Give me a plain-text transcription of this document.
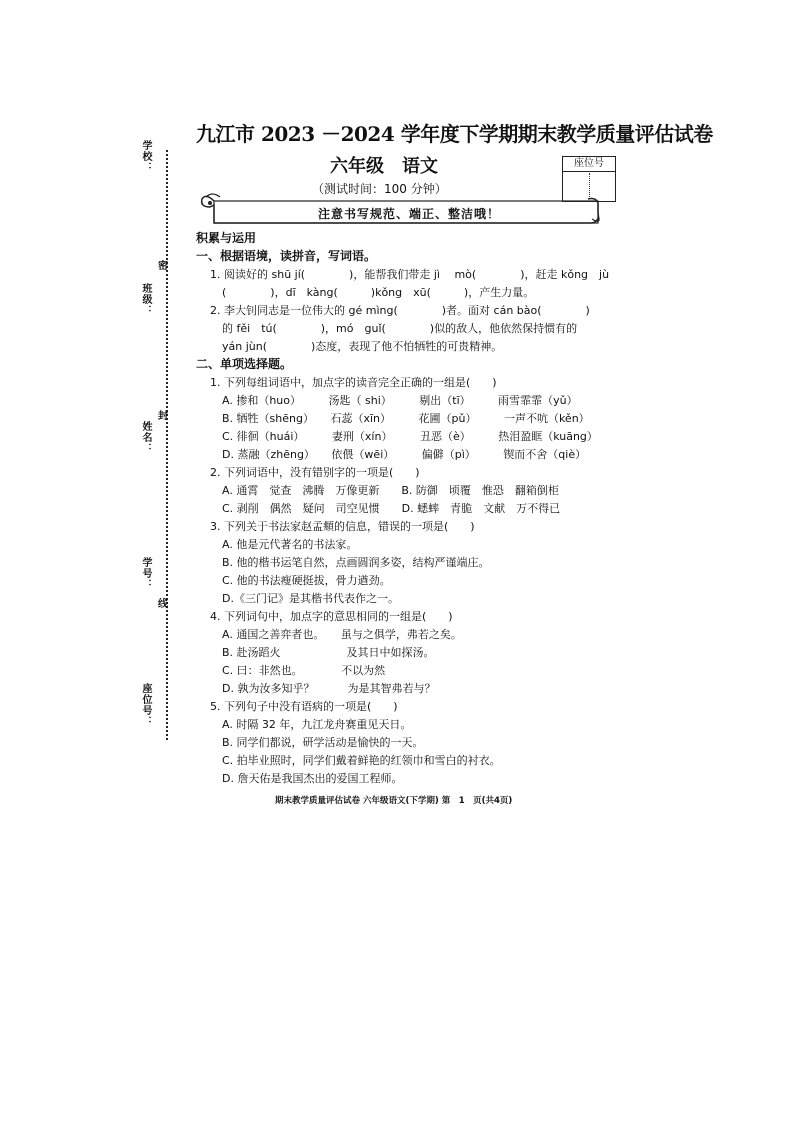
学校：
班级：
姓名：
学号：
座位号：
密
封
线
九江市 2023 －2024 学年度下学期期末教学质量评估试卷
六年级　语文
（测试时间：100 分钟）
座位号
注意书写规范、端正、整洁哦！
积累与运用
一、根据语境，读拼音，写词语。
1. 阅读好的 shū jí(　　　　)，能帮我们带走 jì　 mò(　　　　)，赶走 kǒng　jù
(　　　　)，dī　kàng(　　　)kǒng　xū(　　　)，产生力量。
2. 李大钊同志是一位伟大的 gé mìng(　　　　)者。面对 cán bào(　　　　)
的 fěi　tú(　　　　)，mó　guǐ(　　　　)似的敌人，他依然保持惯有的
yán jùn(　　　　)态度，表现了他不怕牺牲的可贵精神。
二、单项选择题。
1. 下列每组词语中，加点字的读音完全正确的一组是(　　)
A. 掺和（huo）　　　汤匙（ shi）　　　剔出（tī）　　　雨雪霏霏（yǔ）
B. 牺牲（shēng）　　石蕊（xīn）　　　花圃（pǔ）　　　一声不吭（kěn）
C. 徘徊（huái）　　　妻刑（xín）　　　丑恶（è）　　　热泪盈眶（kuāng）
D. 蒸融（zhēng）　　依偎（wēi）　　　偏僻（pì）　　　锲而不舍（qiè）
2. 下列词语中，没有错别字的一项是(　　)
A. 通霄　觉查　沸腾　万像更新　　B. 防御　顷覆　惟恐　翻箱倒柜
C. 剥削　偶然　疑问　司空见惯　　D. 蟋蟀　青脆　文献　万不得已
3. 下列关于书法家赵孟頫的信息，错误的一项是(　　)
A. 他是元代著名的书法家。
B. 他的楷书运笔自然，点画圆润多姿，结构严谨端庄。
C. 他的书法瘦硬挺拔，骨力遒劲。
D.《三门记》是其楷书代表作之一。
4. 下列词句中，加点字的意思相同的一组是(　　)
A. 通国之善弈者也。　　虽与之俱学，弗若之矣。
B. 赴汤蹈火　　　　　　及其日中如探汤。
C. 曰：非然也。　　　　不以为然
D. 孰为汝多知乎？　　　为是其智弗若与？
5. 下列句子中没有语病的一项是(　　)
A. 时隔 32 年，九江龙舟赛重见天日。
B. 同学们都说，研学活动是愉快的一天。
C. 拍毕业照时，同学们戴着鲜艳的红领巾和雪白的衬衣。
D. 詹天佑是我国杰出的爱国工程师。
期末教学质量评估试卷 六年级语文(下学期) 第　1　页(共4页)
